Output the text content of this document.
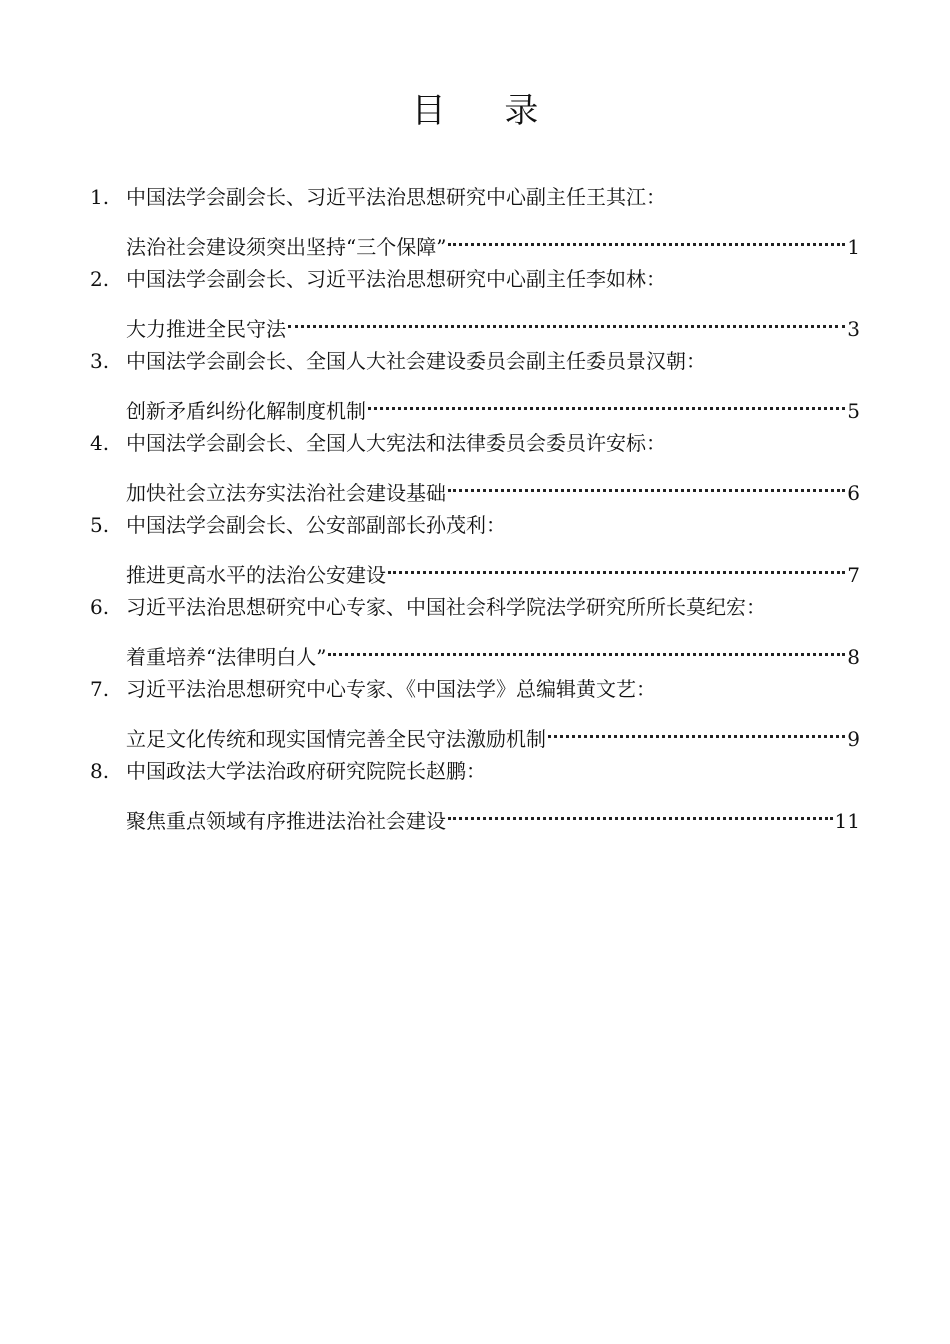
目 录
1. 中国法学会副会长、习近平法治思想研究中心副主任王其江：
法治社会建设须突出坚持“三个保障”	1
2. 中国法学会副会长、习近平法治思想研究中心副主任李如林：
大力推进全民守法	3
3. 中国法学会副会长、全国人大社会建设委员会副主任委员景汉朝：
创新矛盾纠纷化解制度机制	5
4. 中国法学会副会长、全国人大宪法和法律委员会委员许安标：
加快社会立法夯实法治社会建设基础	6
5. 中国法学会副会长、公安部副部长孙茂利：
推进更高水平的法治公安建设	7
6. 习近平法治思想研究中心专家、中国社会科学院法学研究所所长莫纪宏：
着重培养“法律明白人”	8
7. 习近平法治思想研究中心专家、《中国法学》总编辑黄文艺：
立足文化传统和现实国情完善全民守法激励机制	9
8. 中国政法大学法治政府研究院院长赵鹏：
聚焦重点领域有序推进法治社会建设	11
